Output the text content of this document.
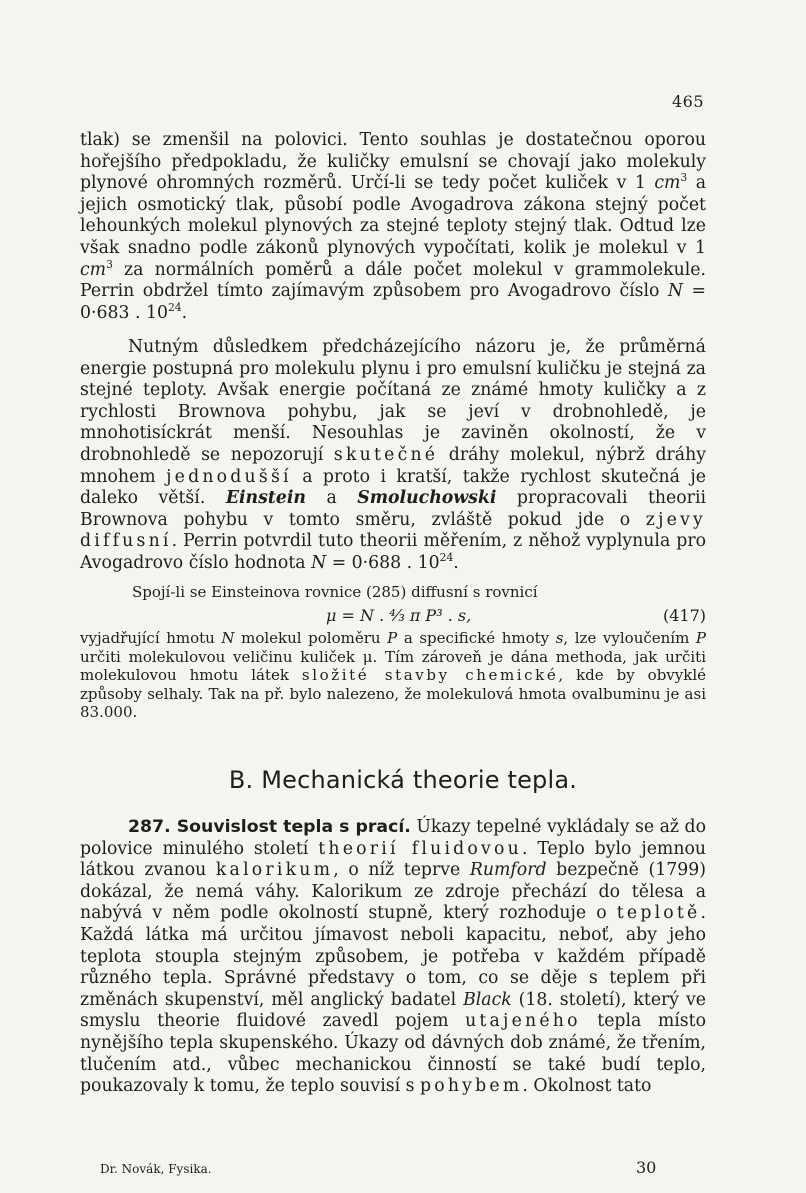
465

tlak) se zmenšil na polovici. Tento souhlas je dostatečnou oporou hořejšího předpokladu, že kuličky emulsní se chovají jako molekuly plynové ohromných rozměrů. Určí-li se tedy počet kuliček v 1 $cm^3$ a jejich osmotický tlak, působí podle Avogadrova zákona stejný počet lehounkých molekul plynových za stejné teploty stejný tlak. Odtud lze však snadno podle zákonů plynových vypočítati, kolik je molekul v 1 $cm^3$ za normálních poměrů a dále počet molekul v grammolekule. Perrin obdržel tímto zajímavým způsobem pro Avogadrovo číslo N = 0·683 . $10^{24}$.

Nutným důsledkem předcházejícího názoru je, že průměrná energie postupná pro molekulu plynu i pro emulsní kuličku je stejná za stejné teploty. Avšak energie počítaná ze známé hmoty kuličky a z rychlosti Brownova pohybu, jak se jeví v drobnohledě, je mnohotisíckrát menší. Nesouhlas je zaviněn okolností, že v drobnohledě se nepozorují skutečné dráhy molekul, nýbrž dráhy mnohem jednodušší a proto i kratší, takže rychlost skutečná je daleko větší. Einstein a Smoluchowski propracovali theorii Brownova pohybu v tomto směru, zvláště pokud jde o zjevy diffusní. Perrin potvrdil tuto theorii měřením, z něhož vyplynula pro Avogadrovo číslo hodnota N = 0·688 . $10^{24}$.

Spojí-li se Einsteinova rovnice (285) diffusní s rovnicí

μ = N . ⁴⁄₃ π P³ . s,	(417)

vyjadřující hmotu N molekul poloměru P a specifické hmoty s, lze vyloučením P určiti molekulovou veličinu kuliček μ. Tím zároveň je dána methoda, jak určiti molekulovou hmotu látek složité stavby chemické, kde by obvyklé způsoby selhaly. Tak na př. bylo nalezeno, že molekulová hmota ovalbuminu je asi 83.000.

B. Mechanická theorie tepla.

287. Souvislost tepla s prací. Úkazy tepelné vykládaly se až do polovice minulého století theorií fluidovou. Teplo bylo jemnou látkou zvanou kalorikum, o níž teprve Rumford bezpečně (1799) dokázal, že nemá váhy. Kalorikum ze zdroje přechází do tělesa a nabývá v něm podle okolností stupně, který rozhoduje o teplotě. Každá látka má určitou jímavost neboli kapacitu, neboť, aby jeho teplota stoupla stejným způsobem, je potřeba v každém případě různého tepla. Správné představy o tom, co se děje s teplem při změnách skupenství, měl anglický badatel Black (18. století), který ve smyslu theorie fluidové zavedl pojem utajeného tepla místo nynějšího tepla skupenského. Úkazy od dávných dob známé, že třením, tlučením atd., vůbec mechanickou činností se také budí teplo, poukazovaly k tomu, že teplo souvisí s pohybem. Okolnost tato

Dr. Novák, Fysika.	30
